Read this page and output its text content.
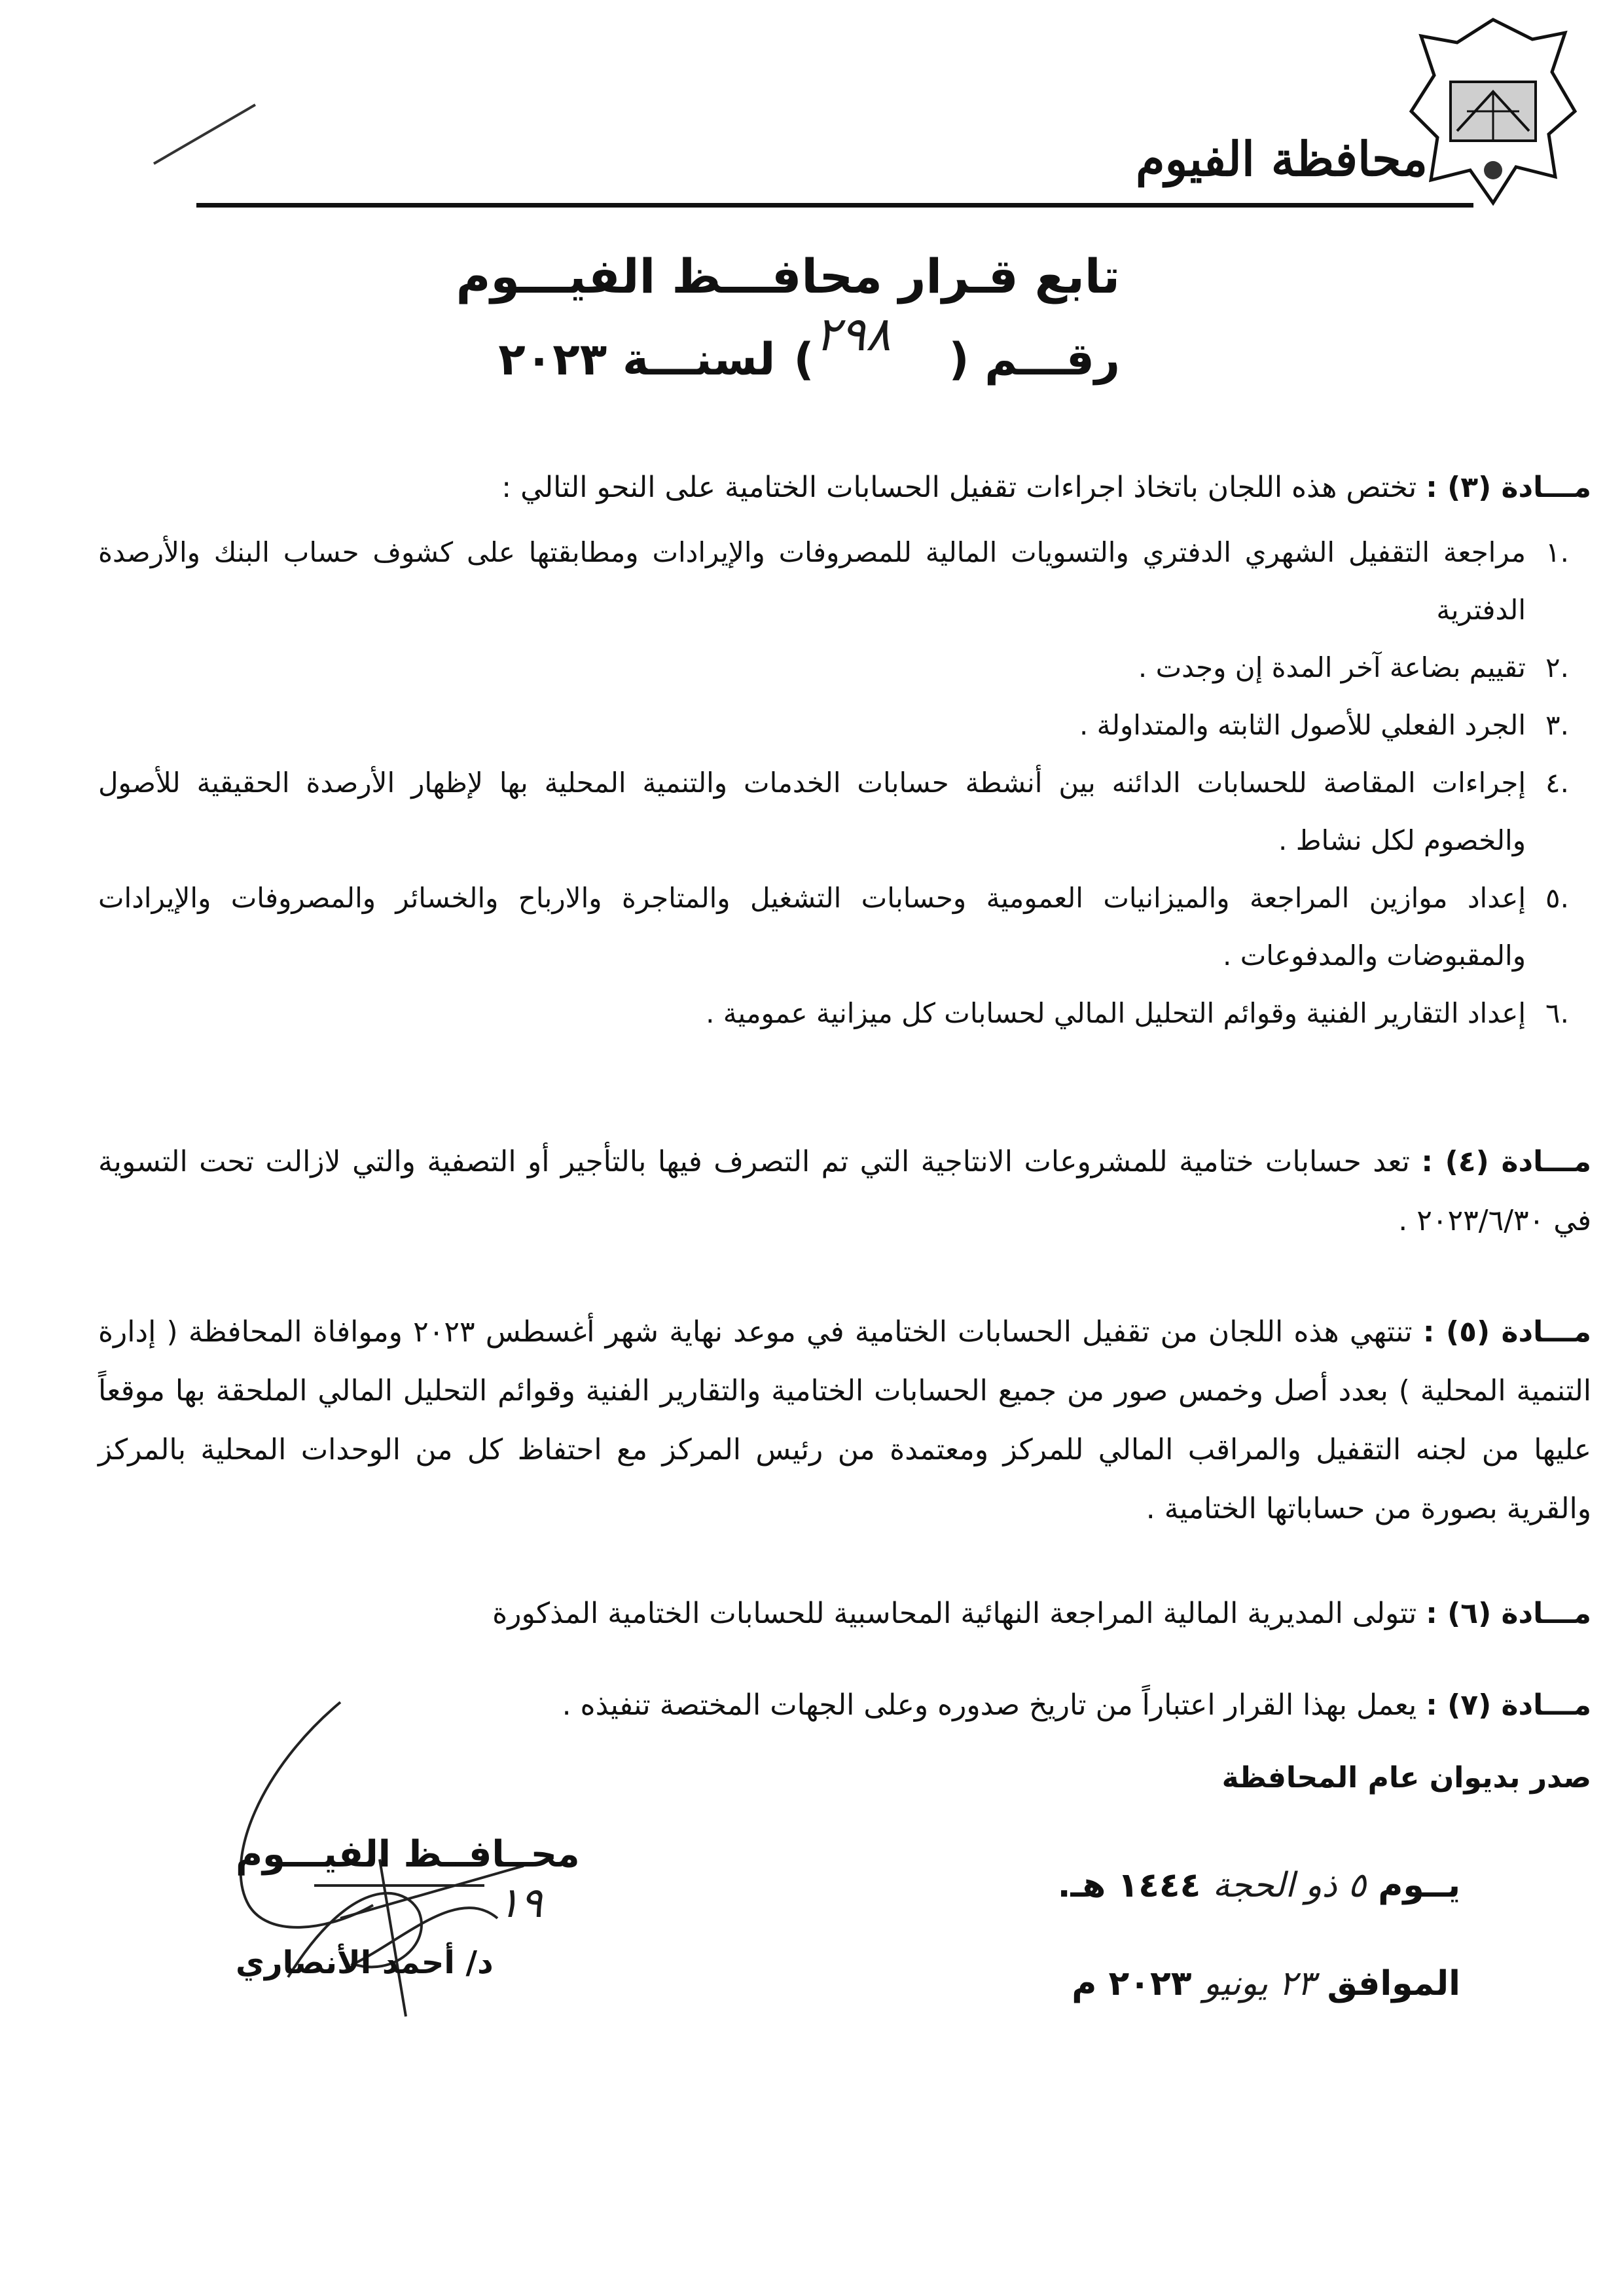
محافظة الفيوم
تابع قـرار محافـــظ الفيـــوم
رقـــم (
)
لسنـــة ٢٠٢٣ ٢٩٨
مـــادة (٣) : تختص هذه اللجان باتخاذ اجراءات تقفيل الحسابات الختامية على النحو التالي :
.١
مراجعة التقفيل الشهري الدفتري والتسويات المالية للمصروفات والإيرادات ومطابقتها على كشوف حساب البنك والأرصدة الدفترية
.٢
تقييم بضاعة آخر المدة إن وجدت .
.٣
الجرد الفعلي للأصول الثابته والمتداولة .
.٤
إجراءات المقاصة للحسابات الدائنه بين أنشطة حسابات الخدمات والتنمية المحلية بها لإظهار الأرصدة الحقيقية للأصول والخصوم لكل نشاط .
.٥
إعداد موازين المراجعة والميزانيات العمومية وحسابات التشغيل والمتاجرة والارباح والخسائر والمصروفات والإيرادات والمقبوضات والمدفوعات .
.٦
إعداد التقارير الفنية وقوائم التحليل المالي لحسابات كل ميزانية عمومية .
مـــادة (٤) : تعد حسابات ختامية للمشروعات الانتاجية التي تم التصرف فيها بالتأجير أو التصفية والتي لازالت تحت التسوية في ٢٠٢٣/٦/٣٠ .
مـــادة (٥) : تنتهي هذه اللجان من تقفيل الحسابات الختامية في موعد نهاية شهر أغسطس ٢٠٢٣ وموافاة المحافظة ( إدارة التنمية المحلية ) بعدد أصل وخمس صور من جميع الحسابات الختامية والتقارير الفنية وقوائم التحليل المالي الملحقة بها موقعاً عليها من لجنه التقفيل والمراقب المالي للمركز ومعتمدة من رئيس المركز مع احتفاظ كل من الوحدات المحلية بالمركز والقرية بصورة من حساباتها الختامية .
مـــادة (٦) : تتولى المديرية المالية المراجعة النهائية المحاسبية للحسابات الختامية المذكورة
مـــادة (٧) : يعمل بهذا القرار اعتباراً من تاريخ صدوره وعلى الجهات المختصة تنفيذه .
صدر بديوان عام المحافظة
١٩
محــافــظ الفيـــوم
د/ أحمد الأنصاري
يــوم ٥ ذو الحجة ١٤٤٤ هـ.
الموافق ٢٣ يونيو ٢٠٢٣ م
